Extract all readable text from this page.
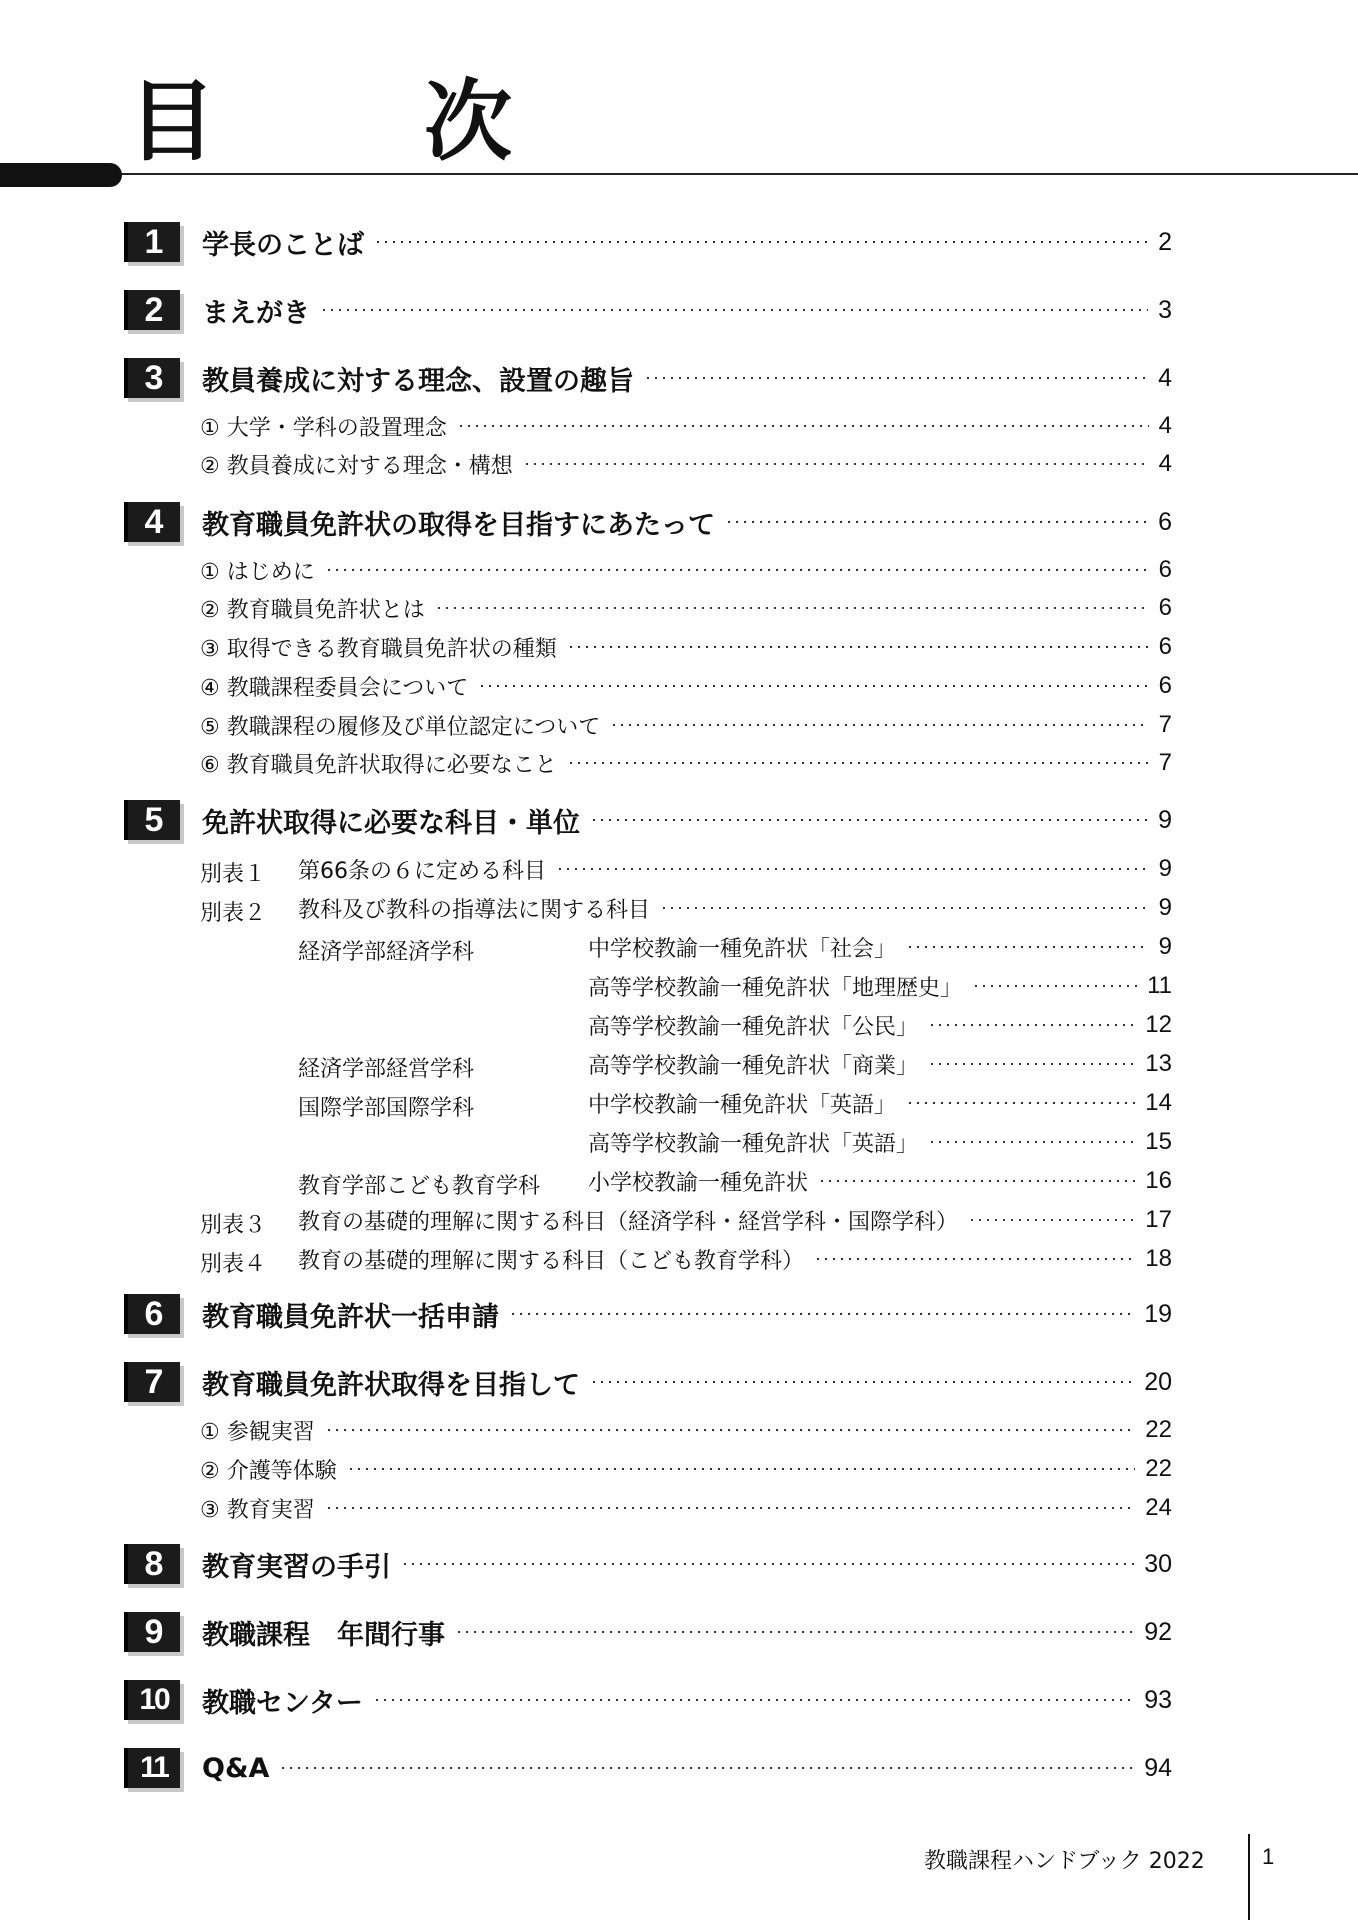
目　次
1	学長のことば	2
2	まえがき	3
3	教員養成に対する理念、設置の趣旨	4
① 大学・学科の設置理念	4
② 教員養成に対する理念・構想	4
4	教育職員免許状の取得を目指すにあたって	6
① はじめに	6
② 教育職員免許状とは	6
③ 取得できる教育職員免許状の種類	6
④ 教職課程委員会について	6
⑤ 教職課程の履修及び単位認定について	7
⑥ 教育職員免許状取得に必要なこと	7
5	免許状取得に必要な科目・単位	9
別表１ 第66条の６に定める科目	9
別表２ 教科及び教科の指導法に関する科目	9
経済学部経済学科	中学校教諭一種免許状「社会」	9
高等学校教諭一種免許状「地理歴史」	11
高等学校教諭一種免許状「公民」	12
経済学部経営学科	高等学校教諭一種免許状「商業」	13
国際学部国際学科	中学校教諭一種免許状「英語」	14
高等学校教諭一種免許状「英語」	15
教育学部こども教育学科 小学校教諭一種免許状	16
別表３ 教育の基礎的理解に関する科目（経済学科・経営学科・国際学科）	17
別表４ 教育の基礎的理解に関する科目（こども教育学科）	18
6	教育職員免許状一括申請	19
7	教育職員免許状取得を目指して	20
① 参観実習	22
② 介護等体験	22
③ 教育実習	24
8	教育実習の手引	30
9	教職課程　年間行事	92
10	教職センター	93
11	Q&A	94
教職課程ハンドブック 2022	1
